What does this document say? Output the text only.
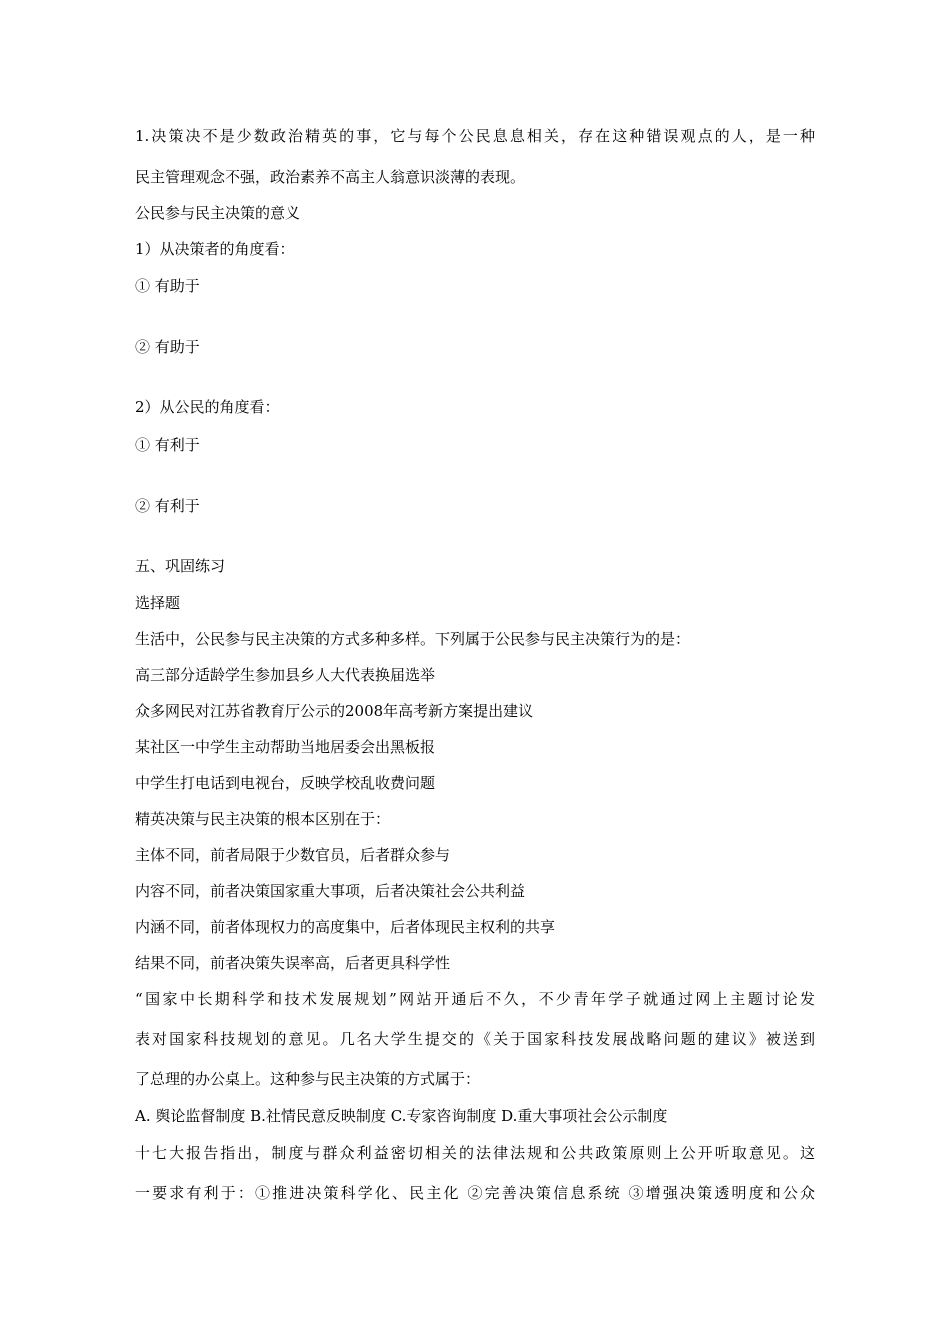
1.决策决不是少数政治精英的事，它与每个公民息息相关，存在这种错误观点的人，是一种
民主管理观念不强，政治素养不高主人翁意识淡薄的表现。
公民参与民主决策的意义
1）从决策者的角度看：
① 有助于
② 有助于
2）从公民的角度看：
① 有利于
② 有利于
五、巩固练习
选择题
生活中，公民参与民主决策的方式多种多样。下列属于公民参与民主决策行为的是：
高三部分适龄学生参加县乡人大代表换届选举
众多网民对江苏省教育厅公示的2008年高考新方案提出建议
某社区一中学生主动帮助当地居委会出黑板报
中学生打电话到电视台，反映学校乱收费问题
精英决策与民主决策的根本区别在于：
主体不同，前者局限于少数官员，后者群众参与
内容不同，前者决策国家重大事项，后者决策社会公共利益
内涵不同，前者体现权力的高度集中，后者体现民主权利的共享
结果不同，前者决策失误率高，后者更具科学性
“国家中长期科学和技术发展规划”网站开通后不久，不少青年学子就通过网上主题讨论发
表对国家科技规划的意见。几名大学生提交的《关于国家科技发展战略问题的建议》被送到
了总理的办公桌上。这种参与民主决策的方式属于：
A. 舆论监督制度 B.社情民意反映制度 C.专家咨询制度 D.重大事项社会公示制度
十七大报告指出，制度与群众利益密切相关的法律法规和公共政策原则上公开听取意见。这
一要求有利于：①推进决策科学化、民主化 ②完善决策信息系统 ③增强决策透明度和公众
